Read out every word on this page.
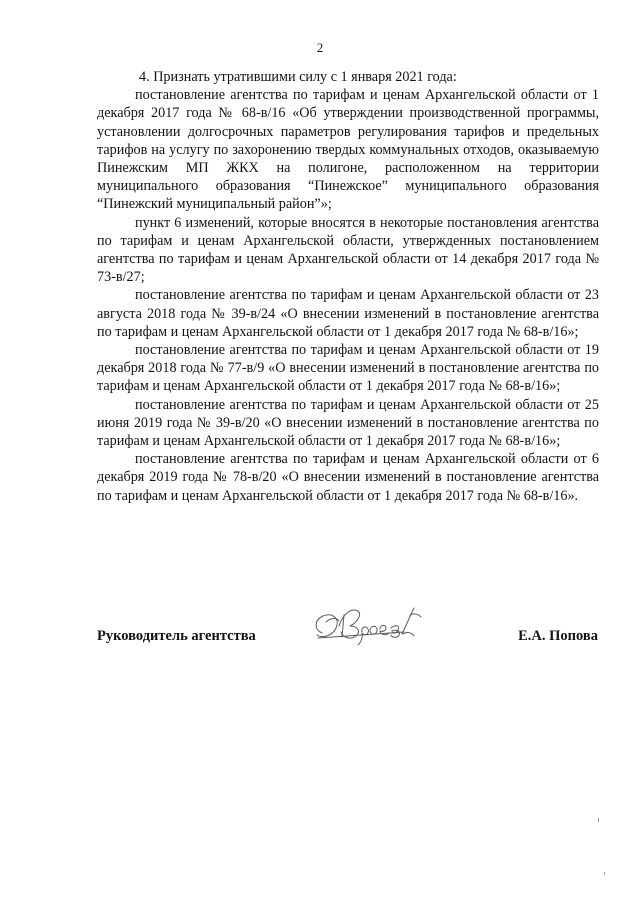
2

4. Признать утратившими силу с 1 января 2021 года:

постановление агентства по тарифам и ценам Архангельской области от 1 декабря 2017 года № 68-в/16 «Об утверждении производственной программы, установлении долгосрочных параметров регулирования тарифов и предельных тарифов на услугу по захоронению твердых коммунальных отходов, оказываемую Пинежским МП ЖКХ на полигоне, расположенном на территории муниципального образования “Пинежское” муниципального образования “Пинежский муниципальный район”»;

пункт 6 изменений, которые вносятся в некоторые постановления агентства по тарифам и ценам Архангельской области, утвержденных постановлением агентства по тарифам и ценам Архангельской области от 14 декабря 2017 года № 73-в/27;

постановление агентства по тарифам и ценам Архангельской области от 23 августа 2018 года № 39-в/24 «О внесении изменений в постановление агентства по тарифам и ценам Архангельской области от 1 декабря 2017 года № 68-в/16»;

постановление агентства по тарифам и ценам Архангельской области от 19 декабря 2018 года № 77-в/9 «О внесении изменений в постановление агентства по тарифам и ценам Архангельской области от 1 декабря 2017 года № 68-в/16»;

постановление агентства по тарифам и ценам Архангельской области от 25 июня 2019 года № 39-в/20 «О внесении изменений в постановление агентства по тарифам и ценам Архангельской области от 1 декабря 2017 года № 68-в/16»;

постановление агентства по тарифам и ценам Архангельской области от 6 декабря 2019 года № 78-в/20 «О внесении изменений в постановление агентства по тарифам и ценам Архангельской области от 1 декабря 2017 года № 68-в/16».

Руководитель агентства	Е.А. Попова
